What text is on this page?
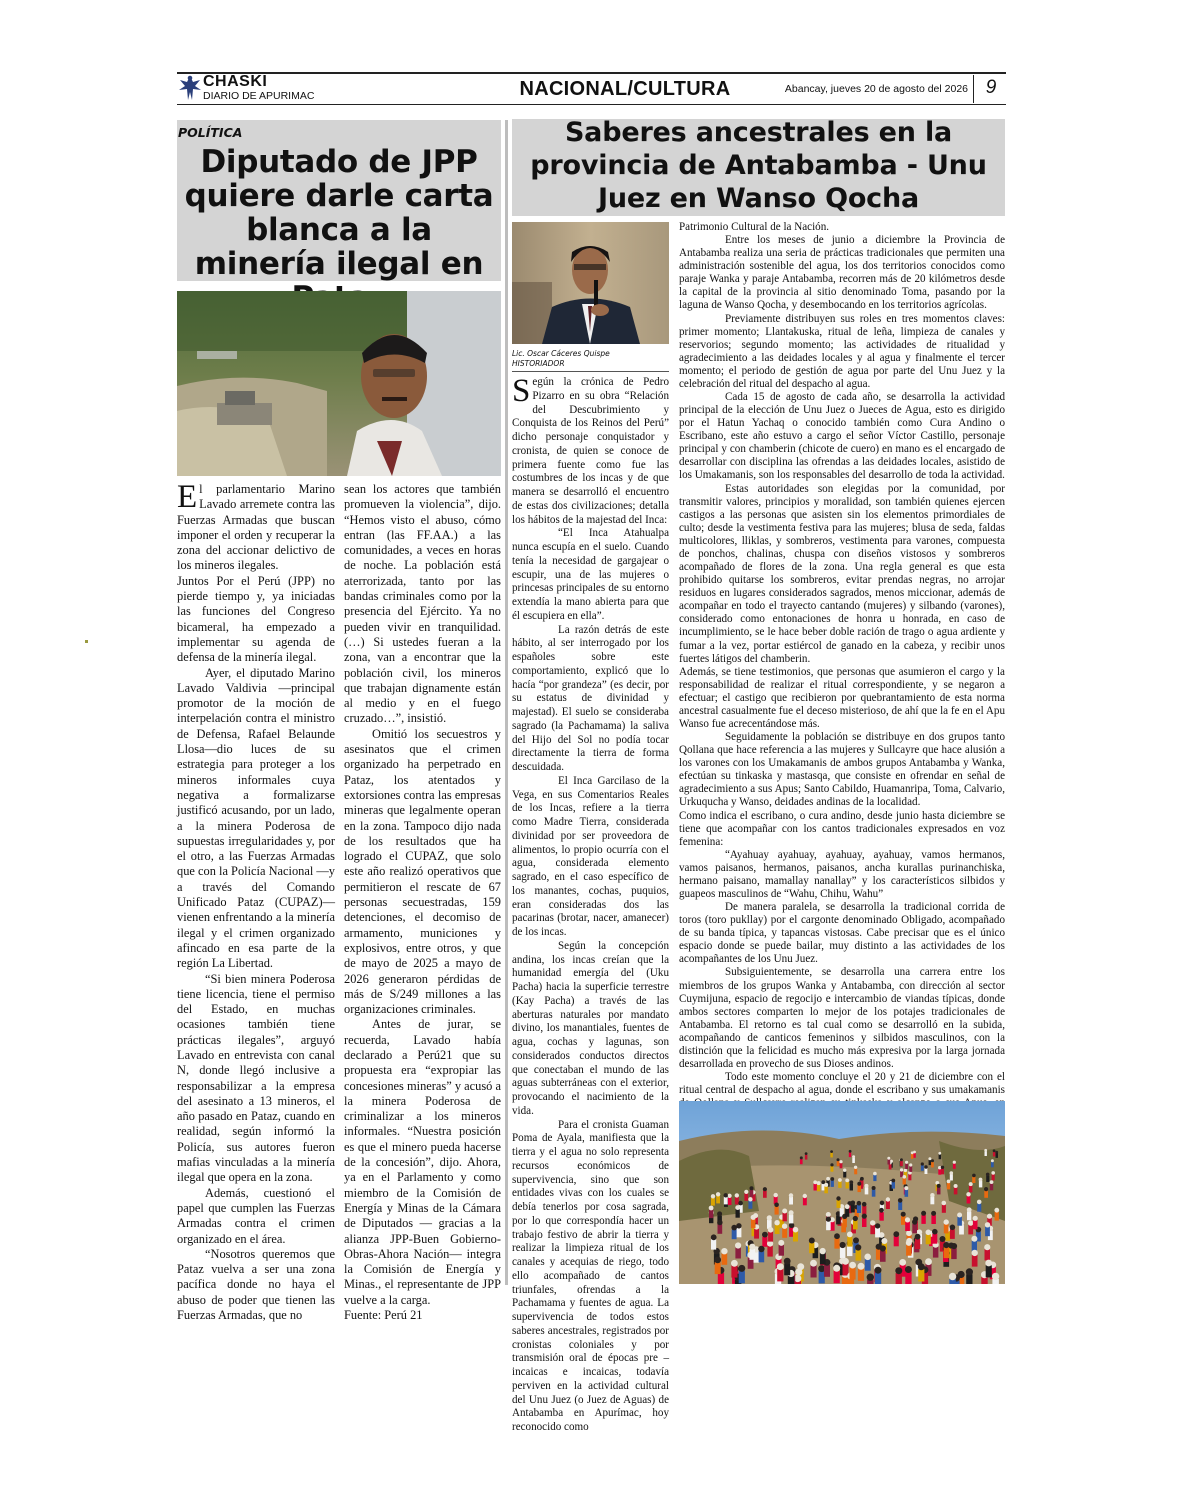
CHASKI
DIARIO DE APURIMAC	NACIONAL/CULTURA	Abancay, jueves 20 de agosto del 2026 9
POLÍTICA
Diputado de JPP quiere darle carta blanca a la minería ilegal en

El parlamentario Marino Lavado arremete contra las Fuerzas Armadas que buscan imponer el orden y recuperar la zona del accionar delictivo de los mineros ilegales.

Juntos Por el Perú (JPP) no pierde tiempo y, ya iniciadas las funciones del Congreso bicameral, ha empezado a implementar su agenda de defensa de la minería ilegal.

Ayer, el diputado Marino Lavado Valdivia —principal promotor de la moción de interpelación contra el ministro de Defensa, Rafael Belaunde Llosa—dio luces de su estrategia para proteger a los mineros informales cuya negativa a formalizarse justificó acusando, por un lado, a la minera Poderosa de supuestas irregularidades y, por el otro, a las Fuerzas Armadas que con la Policía Nacional —y a través del Comando Unificado Pataz (CUPAZ)— vienen enfrentando a la minería ilegal y el crimen organizado afincado en esa parte de la región La Libertad.

“Si bien minera Poderosa tiene licencia, tiene el permiso del Estado, en muchas ocasiones también tiene prácticas ilegales”, arguyó Lavado en entrevista con canal N, donde llegó inclusive a responsabilizar a la empresa del asesinato a 13 mineros, el año pasado en Pataz, cuando en realidad, según informó la Policía, sus autores fueron mafias vinculadas a la minería ilegal que opera en la zona.

Además, cuestionó el papel que cumplen las Fuerzas Armadas contra el crimen organizado en el área.

“Nosotros queremos que Pataz vuelva a ser una zona pacífica donde no haya el abuso de poder que tienen las Fuerzas Armadas, que no

sean los actores que también promueven la violencia”, dijo. “Hemos visto el abuso, cómo entran (las FF.AA.) a las comunidades, a veces en horas de noche. La población está aterrorizada, tanto por las bandas criminales como por la presencia del Ejército. Ya no pueden vivir en tranquilidad. (…) Si ustedes fueran a la zona, van a encontrar que la población civil, los mineros que trabajan dignamente están al medio y en el fuego cruzado…”, insistió.

Omitió los secuestros y asesinatos que el crimen organizado ha perpetrado en Pataz, los atentados y extorsiones contra las empresas mineras que legalmente operan en la zona. Tampoco dijo nada de los resultados que ha logrado el CUPAZ, que solo este año realizó operativos que permitieron el rescate de 67 personas secuestradas, 159 detenciones, el decomiso de armamento, municiones y explosivos, entre otros, y que de mayo de 2025 a mayo de 2026 generaron pérdidas de más de S/249 millones a las organizaciones criminales.

Antes de jurar, se recuerda, Lavado había declarado a Perú21 que su propuesta era “expropiar las concesiones mineras” y acusó a la minera Poderosa de criminalizar a los mineros informales. “Nuestra posición es que el minero pueda hacerse de la concesión”, dijo. Ahora, ya en el Parlamento y como miembro de la Comisión de Energía y Minas de la Cámara de Diputados — gracias a la alianza JPP-Buen Gobierno-Obras-Ahora Nación— integra la Comisión de Energía y Minas., el representante de JPP vuelve a la carga.

Fuente: Perú 21

Saberes ancestrales en la provincia de Antabamba - Unu Juez en Wanso Qocha
Lic. Oscar Cáceres Quispe
HISTORIADOR

Según la crónica de Pedro Pizarro en su obra “Relación del Descubrimiento y Conquista de los Reinos del Perú” dicho personaje conquistador y cronista, de quien se conoce de primera fuente como fue las costumbres de los incas y de que manera se desarrolló el encuentro de estas dos civilizaciones; detalla los hábitos de la majestad del Inca:

“El Inca Atahualpa nunca escupía en el suelo. Cuando tenía la necesidad de gargajear o escupir, una de las mujeres o princesas principales de su entorno extendía la mano abierta para que él escupiera en ella”.

La razón detrás de este hábito, al ser interrogado por los españoles sobre este comportamiento, explicó que lo hacía “por grandeza” (es decir, por su estatus de divinidad y majestad). El suelo se consideraba sagrado (la Pachamama) la saliva del Hijo del Sol no podía tocar directamente la tierra de forma descuidada.

El Inca Garcilaso de la Vega, en sus Comentarios Reales de los Incas, refiere a la tierra como Madre Tierra, considerada divinidad por ser proveedora de alimentos, lo propio ocurría con el agua, considerada elemento sagrado, en el caso específico de los manantes, cochas, puquios, eran consideradas dos las pacarinas (brotar, nacer, amanecer) de los incas.

Según la concepción andina, los incas creían que la humanidad emergía del (Uku Pacha) hacia la superficie terrestre (Kay Pacha) a través de las aberturas naturales por mandato divino, los manantiales, fuentes de agua, cochas y lagunas, son considerados conductos directos que conectaban el mundo de las aguas subterráneas con el exterior, provocando el nacimiento de la vida.

Para el cronista Guaman Poma de Ayala, manifiesta que la tierra y el agua no solo representa recursos económicos de supervivencia, sino que son entidades vivas con los cuales se debía tenerlos por cosa sagrada, por lo que correspondía hacer un trabajo festivo de abrir la tierra y realizar la limpieza ritual de los canales y acequias de riego, todo ello acompañado de cantos triunfales, ofrendas a la Pachamama y fuentes de agua. La supervivencia de todos estos saberes ancestrales, registrados por cronistas coloniales y por transmisión oral de épocas pre – incaicas e incaicas, todavía perviven en la actividad cultural del Unu Juez (o Juez de Aguas) de Antabamba en Apurímac, hoy reconocido como

Patrimonio Cultural de la Nación.

Entre los meses de junio a diciembre la Provincia de Antabamba realiza una seria de prácticas tradicionales que permiten una administración sostenible del agua, los dos territorios conocidos como paraje Wanka y paraje Antabamba, recorren más de 20 kilómetros desde la capital de la provincia al sitio denominado Toma, pasando por la laguna de Wanso Qocha, y desembocando en los territorios agrícolas.

Previamente distribuyen sus roles en tres momentos claves: primer momento; Llantakuska, ritual de leña, limpieza de canales y reservorios; segundo momento; las actividades de ritualidad y agradecimiento a las deidades locales y al agua y finalmente el tercer momento; el periodo de gestión de agua por parte del Unu Juez y la celebración del ritual del despacho al agua.

Cada 15 de agosto de cada año, se desarrolla la actividad principal de la elección de Unu Juez o Jueces de Agua, esto es dirigido por el Hatun Yachaq o conocido también como Cura Andino o Escribano, este año estuvo a cargo el señor Víctor Castillo, personaje principal y con chamberin (chicote de cuero) en mano es el encargado de desarrollar con disciplina las ofrendas a las deidades locales, asistido de los Umakamanis, son los responsables del desarrollo de toda la actividad.

Estas autoridades son elegidas por la comunidad, por transmitir valores, principios y moralidad, son también quienes ejercen castigos a las personas que asisten sin los elementos primordiales de culto; desde la vestimenta festiva para las mujeres; blusa de seda, faldas multicolores, lliklas, y sombreros, vestimenta para varones, compuesta de ponchos, chalinas, chuspa con diseños vistosos y sombreros acompañado de flores de la zona. Una regla general es que esta prohibido quitarse los sombreros, evitar prendas negras, no arrojar residuos en lugares considerados sagrados, menos miccionar, además de acompañar en todo el trayecto cantando (mujeres) y silbando (varones), considerado como entonaciones de honra u honrada, en caso de incumplimiento, se le hace beber doble ración de trago o agua ardiente y fumar a la vez, portar estiércol de ganado en la cabeza, y recibir unos fuertes látigos del chamberin.

Además, se tiene testimonios, que personas que asumieron el cargo y la responsabilidad de realizar el ritual correspondiente, y se negaron a efectuar; el castigo que recibieron por quebrantamiento de esta norma ancestral casualmente fue el deceso misterioso, de ahí que la fe en el Apu Wanso fue acrecentándose más.

Seguidamente la población se distribuye en dos grupos tanto Qollana que hace referencia a las mujeres y Sullcayre que hace alusión a los varones con los Umakamanis de ambos grupos Antabamba y Wanka, efectúan su tinkaska y mastasqa, que consiste en ofrendar en señal de agradecimiento a sus Apus; Santo Cabildo, Huamanripa, Toma, Calvario, Urkuqucha y Wanso, deidades andinas de la localidad.

Como indica el escribano, o cura andino, desde junio hasta diciembre se tiene que acompañar con los cantos tradicionales expresados en voz femenina:

“Ayahuay ayahuay, ayahuay, ayahuay, vamos hermanos, vamos paisanos, hermanos, paisanos, ancha kurallas purinanchiska, hermano paisano, mamallay nanallay” y los característicos silbidos y guapeos masculinos de “Wahu, Chihu, Wahu”

De manera paralela, se desarrolla la tradicional corrida de toros (toro pukllay) por el cargonte denominado Obligado, acompañado de su banda típica, y tapancas vistosas. Cabe precisar que es el único espacio donde se puede bailar, muy distinto a las actividades de los acompañantes de los Unu Juez.

Subsiguientemente, se desarrolla una carrera entre los miembros de los grupos Wanka y Antabamba, con dirección al sector Cuymijuna, espacio de regocijo e intercambio de viandas típicas, donde ambos sectores comparten lo mejor de los potajes tradicionales de Antabamba. El retorno es tal cual como se desarrolló en la subida, acompañando de canticos femeninos y silbidos masculinos, con la distinción que la felicidad es mucho más expresiva por la larga jornada desarrollada en provecho de sus Dioses andinos.

Todo este momento concluye el 20 y 21 de diciembre con el ritual central de despacho al agua, donde el escribano y sus umakamanis
